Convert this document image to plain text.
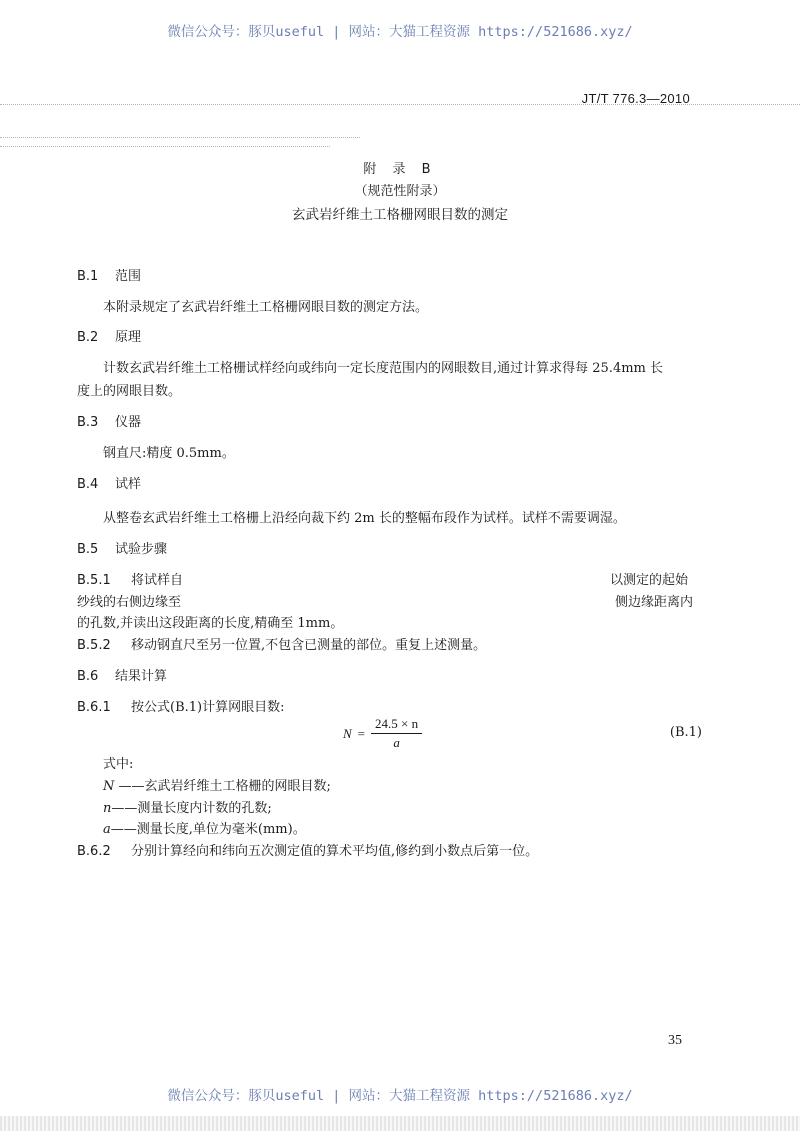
微信公众号：豚贝useful | 网站：大猫工程资源 https://521686.xyz/
JT/T 776.3—2010
附 录 B
（规范性附录）
玄武岩纤维土工格栅网眼目数的测定
B.1 范围
本附录规定了玄武岩纤维土工格栅网眼目数的测定方法。
B.2 原理
计数玄武岩纤维土工格栅试样经向或纬向一定长度范围内的网眼数目,通过计算求得每 25.4mm 长
度上的网眼目数。
B.3 仪器
钢直尺:精度 0.5mm。
B.4 试样
从整卷玄武岩纤维土工格栅上沿经向裁下约 2m 长的整幅布段作为试样。试样不需要调湿。
B.5 试验步骤
B.5.1 将试样自	以测定的起始
纱线的右侧边缘至	侧边缘距离内
的孔数,并读出这段距离的长度,精确至 1mm。
B.5.2 移动钢直尺至另一位置,不包含已测量的部位。重复上述测量。
B.6 结果计算
B.6.1 按公式(B.1)计算网眼目数:
$N = \frac{24.5 \times n}{a}$	(B.1)
式中:
N ——玄武岩纤维土工格栅的网眼目数;
n——测量长度内计数的孔数;
a——测量长度,单位为毫米(mm)。
B.6.2 分别计算经向和纬向五次测定值的算术平均值,修约到小数点后第一位。
35
微信公众号：豚贝useful | 网站：大猫工程资源 https://521686.xyz/
